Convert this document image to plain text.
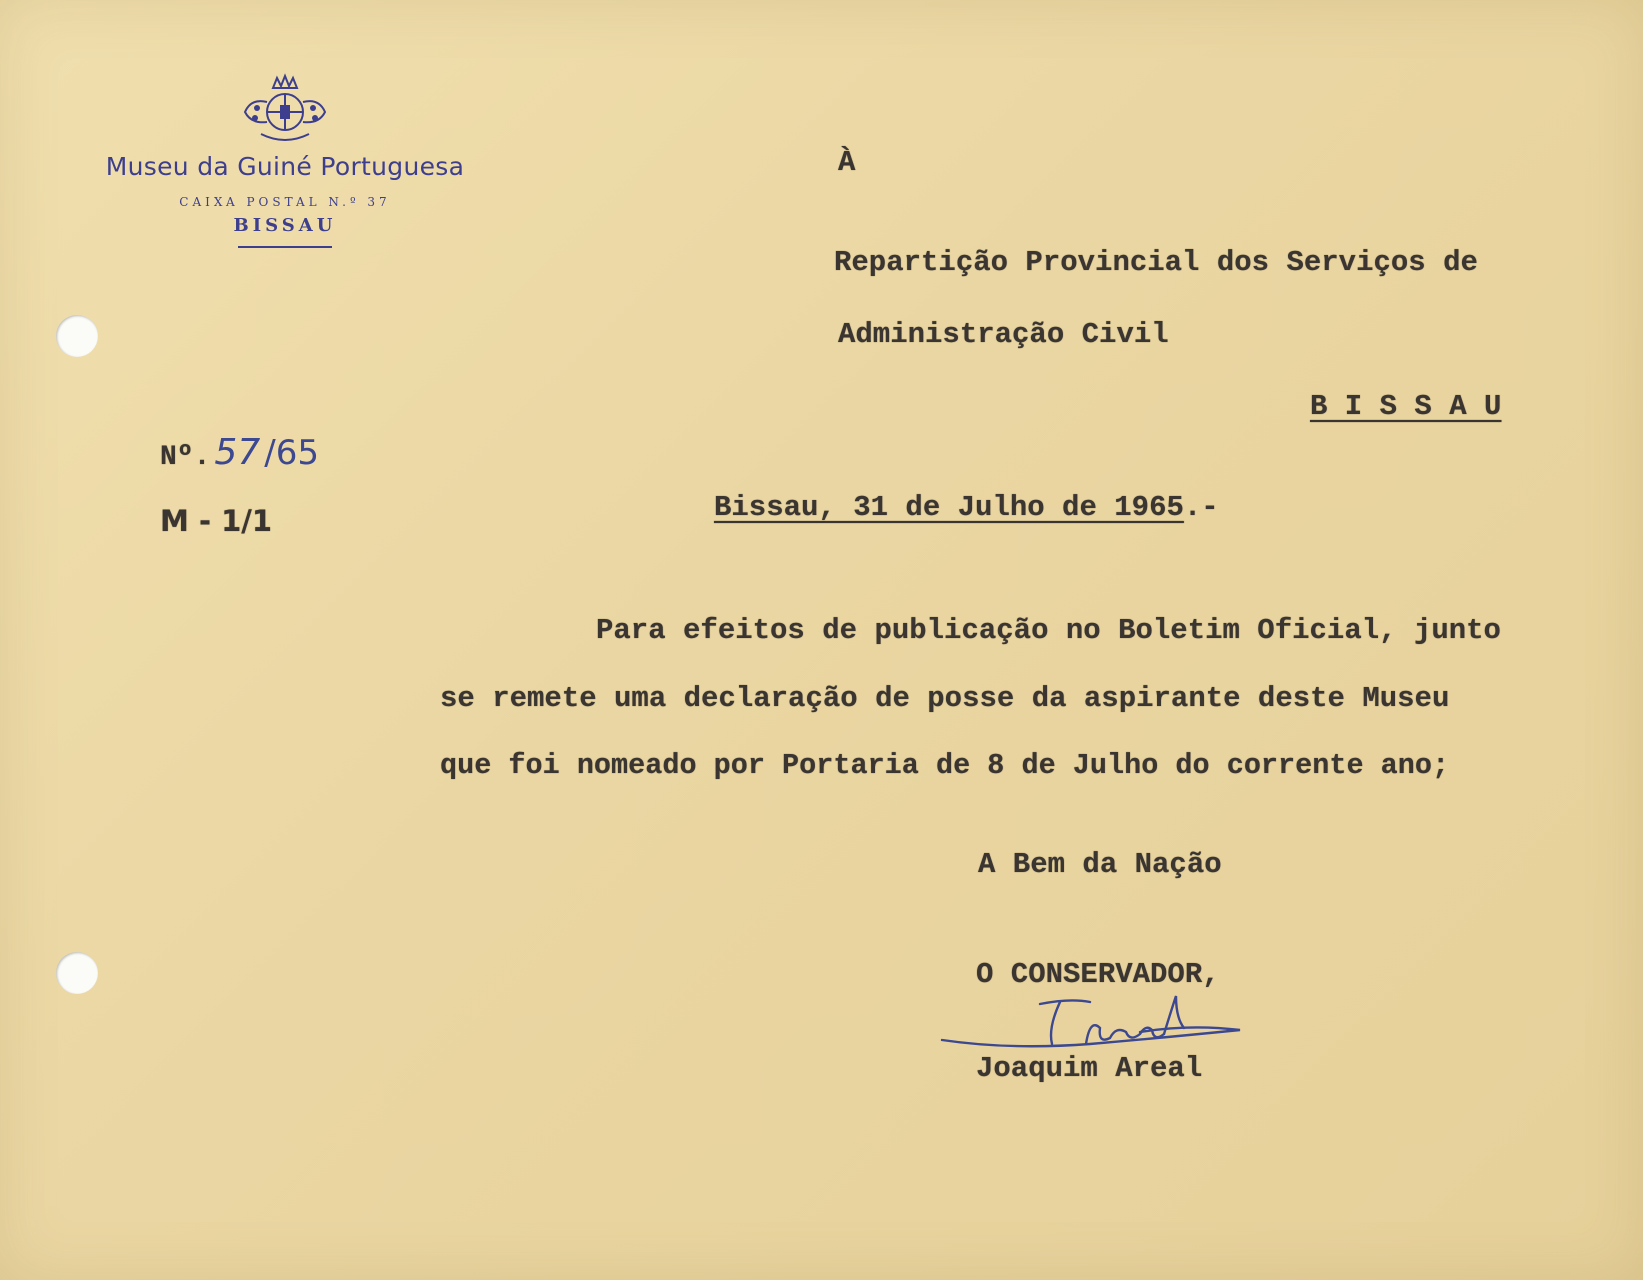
Museu da Guiné Portuguesa
CAIXA POSTAL N.º 37
BISSAU
À
Repartição Provincial dos Serviços de
Administração Civil
B I S S A U
Nº. 57 /65
M - 1/1	Bissau, 31 de Julho de 1965.-
Para efeitos de publicação no Boletim Oficial, junto
se remete uma declaração de posse da aspirante deste Museu
que foi nomeado por Portaria de 8 de Julho do corrente ano;
A Bem da Nação
O CONSERVADOR,
Joaquim Areal
